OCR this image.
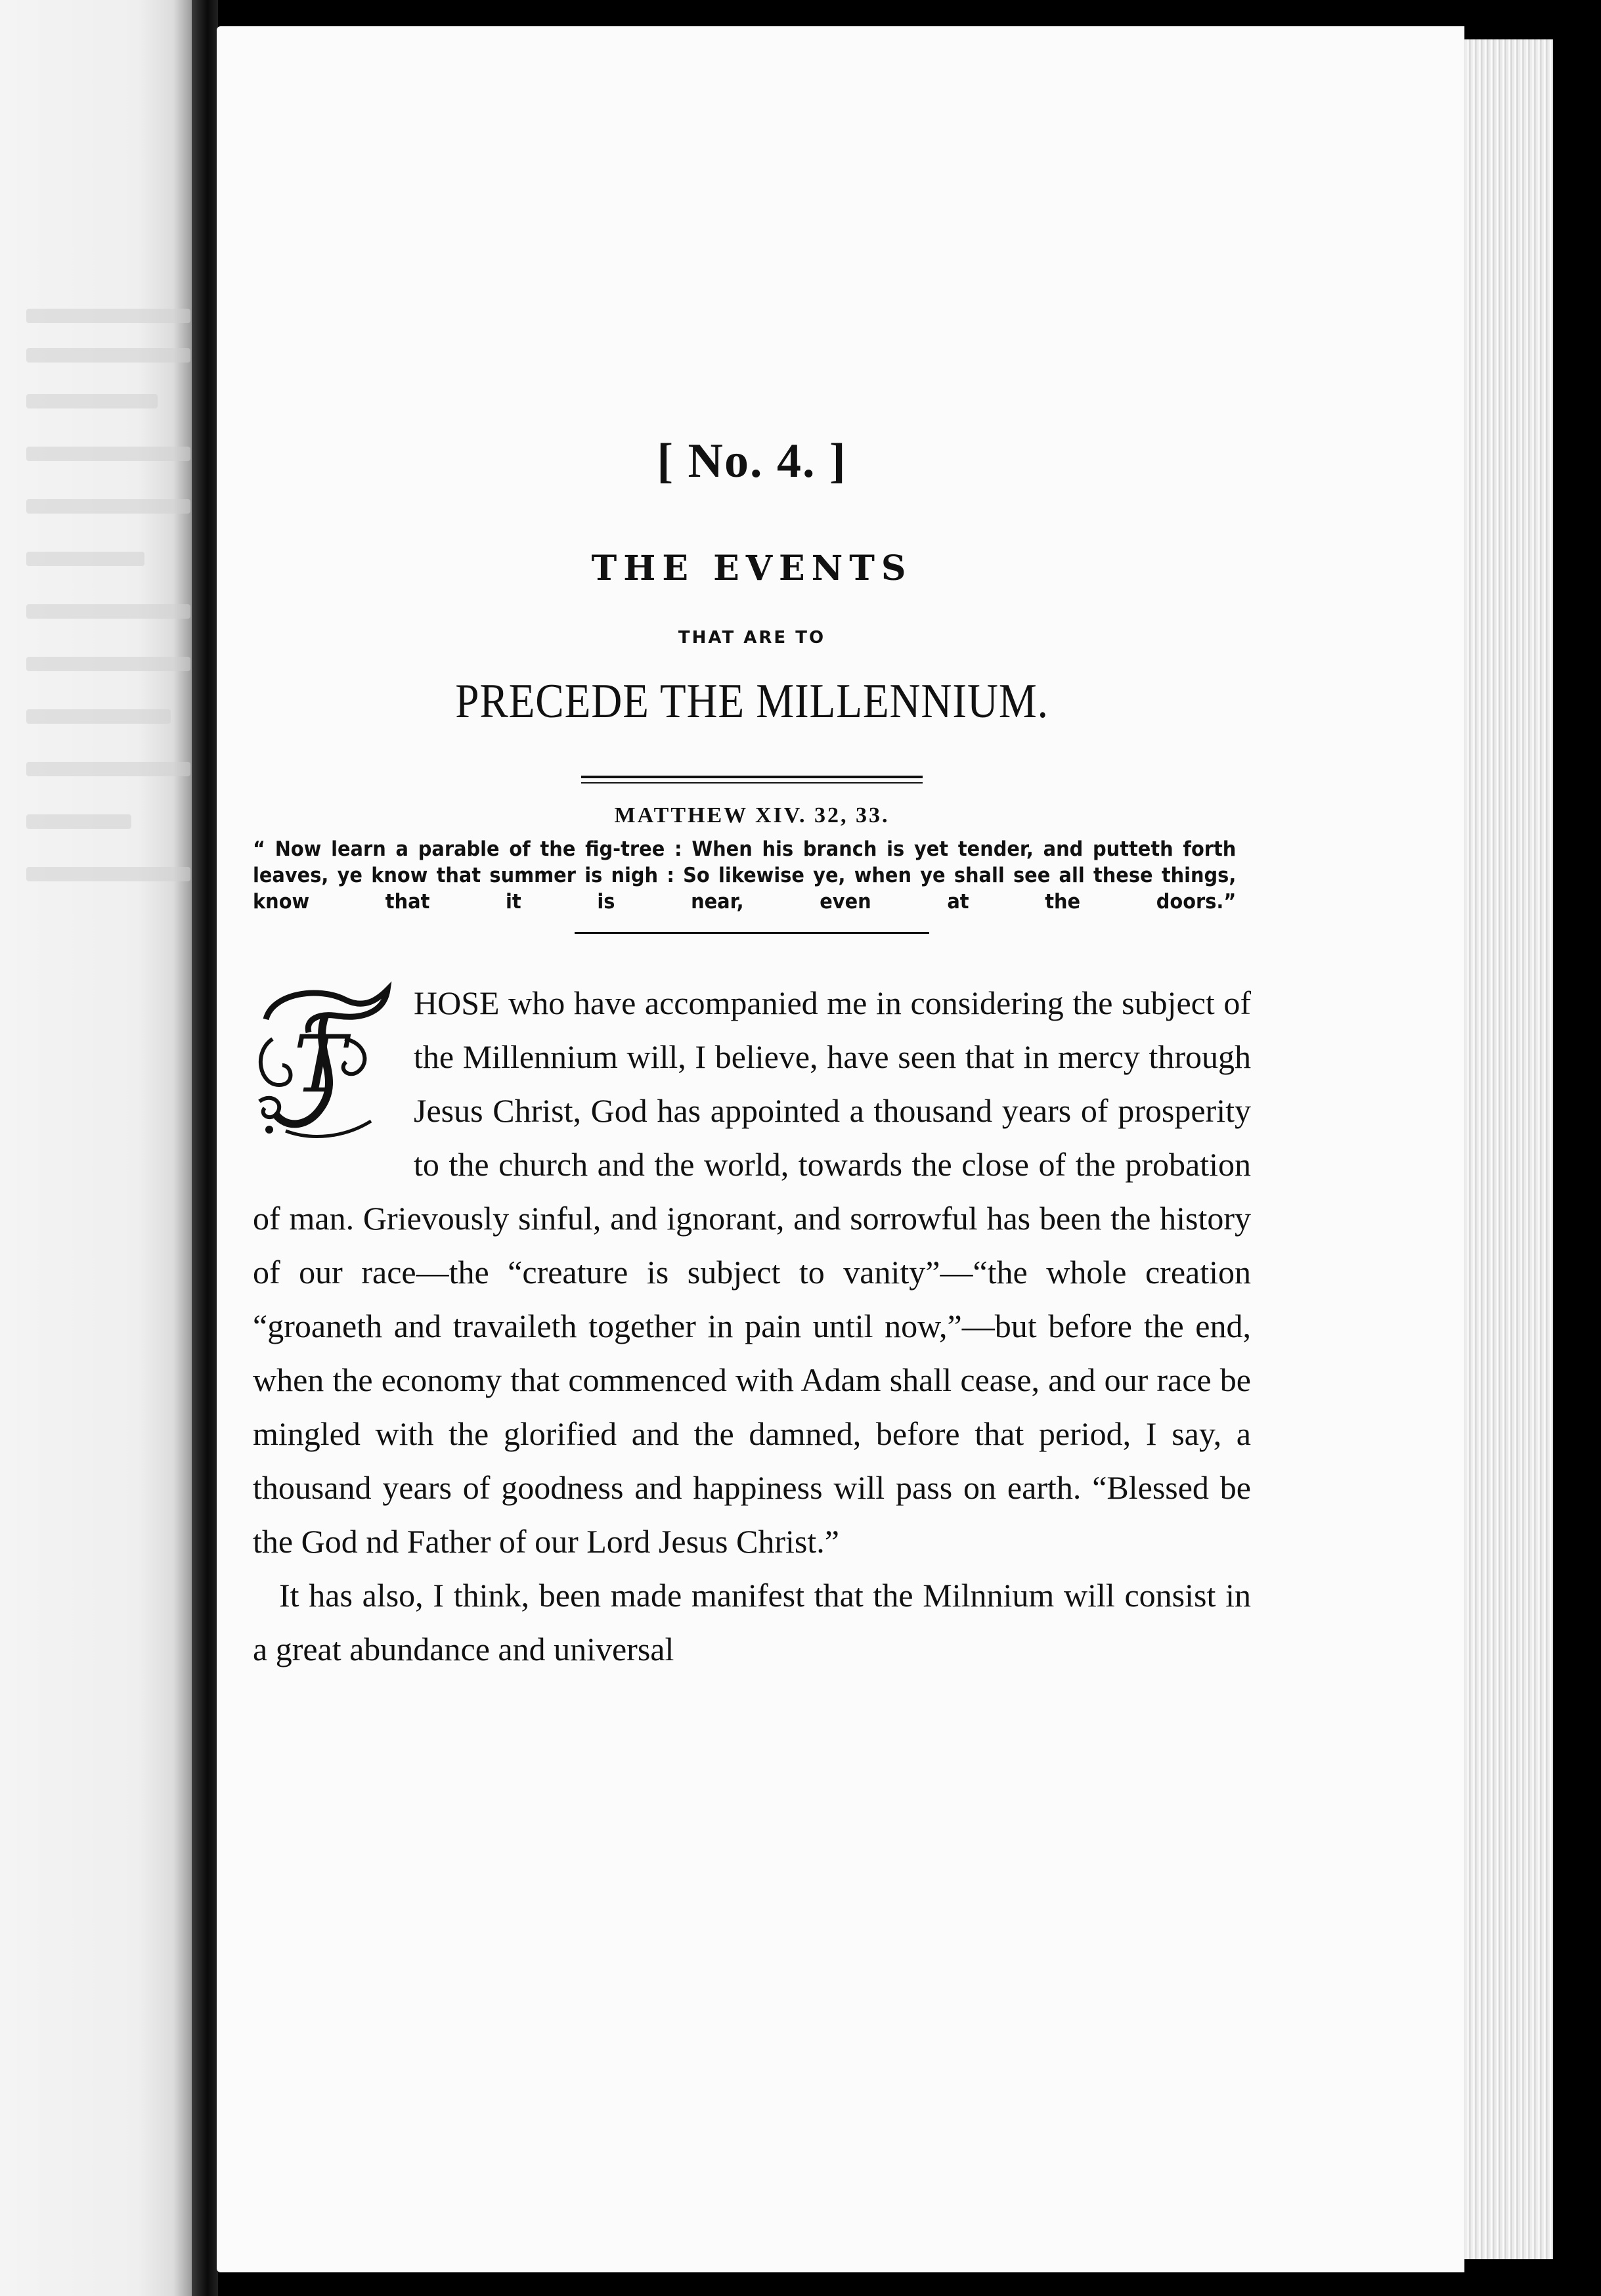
[ No. 4. ]
THE EVENTS
THAT ARE TO
PRECEDE THE MILLENNIUM.
MATTHEW XIV. 32, 33.

“ Now learn a parable of the fig-tree : When his branch is yet tender, and putteth forth leaves, ye know that summer is nigh : So likewise ye, when ye shall see all these things, know that it is near, even at the doors.”

T

HOSE who have accompanied me in considering the subject of the Millennium will, I believe, have seen that in mercy through Jesus Christ, God has appointed a thousand years of prosperity to the church and the world, towards the close of the probation of man. Grievously sinful, and ignorant, and sorrowful has been the history of our race—the “creature is subject to vanity”—“the whole creation “groaneth and travaileth together in pain until now,”—but before the end, when the economy that commenced with Adam shall cease, and our race be mingled with the glorified and the damned, before that period, I say, a thousand years of goodness and happiness will pass on earth. “Blessed be the God nd Father of our Lord Jesus Christ.”

It has also, I think, been made manifest that the Milnnium will consist in a great abundance and universal
